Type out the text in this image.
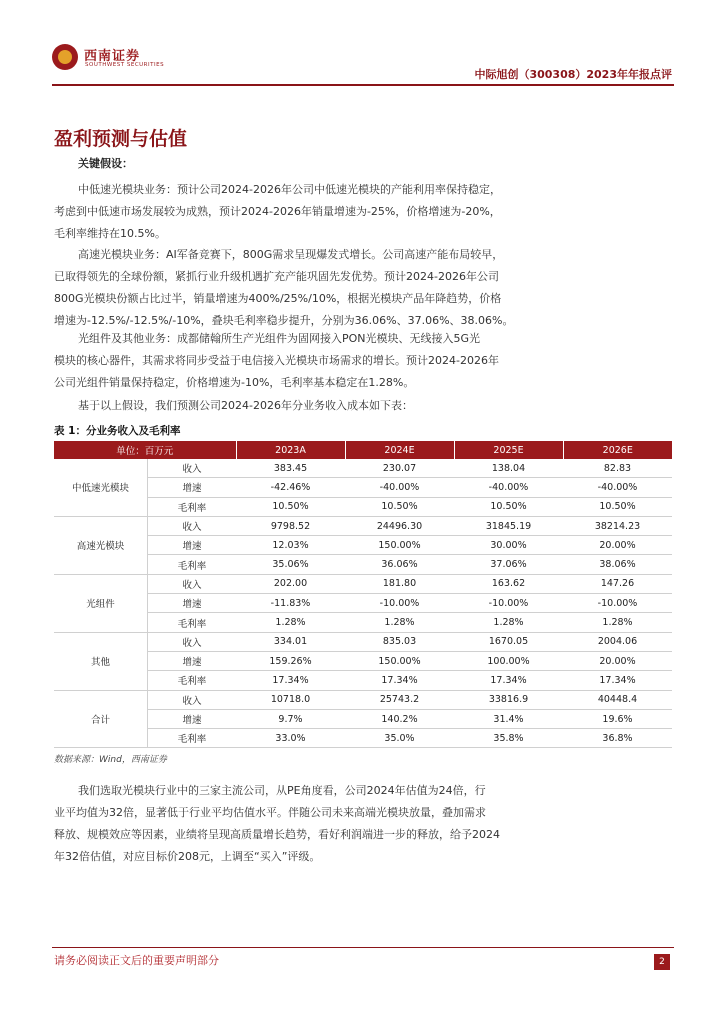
西南证券
SOUTHWEST SECURITIES
中际旭创（300308）2023年年报点评
盈利预测与估值
关键假设：
中低速光模块业务：预计公司2024-2026年公司中低速光模块的产能利用率保持稳定，
考虑到中低速市场发展较为成熟，预计2024-2026年销量增速为-25%，价格增速为-20%，
毛利率维持在10.5%。
高速光模块业务：AI军备竞赛下，800G需求呈现爆发式增长。公司高速产能布局较早，
已取得领先的全球份额，紧抓行业升级机遇扩充产能巩固先发优势。预计2024-2026年公司
800G光模块份额占比过半，销量增速为400%/25%/10%，根据光模块产品年降趋势，价格
增速为-12.5%/-12.5%/-10%，叠块毛利率稳步提升，分别为36.06%、37.06%、38.06%。
光组件及其他业务：成都储翰所生产光组件为固网接入PON光模块、无线接入5G光
模块的核心器件，其需求将同步受益于电信接入光模块市场需求的增长。预计2024-2026年
公司光组件销量保持稳定，价格增速为-10%，毛利率基本稳定在1.28%。
基于以上假设，我们预测公司2024-2026年分业务收入成本如下表：
表 1：分业务收入及毛利率
单位：百万元		2023A	2024E	2025E	2026E
中低速光模块	收入	383.45	230.07	138.04	82.83
	增速	-42.46%	-40.00%	-40.00%	-40.00%
	毛利率	10.50%	10.50%	10.50%	10.50%
高速光模块	收入	9798.52	24496.30	31845.19	38214.23
	增速	12.03%	150.00%	30.00%	20.00%
	毛利率	35.06%	36.06%	37.06%	38.06%
光组件	收入	202.00	181.80	163.62	147.26
	增速	-11.83%	-10.00%	-10.00%	-10.00%
	毛利率	1.28%	1.28%	1.28%	1.28%
其他	收入	334.01	835.03	1670.05	2004.06
	增速	159.26%	150.00%	100.00%	20.00%
	毛利率	17.34%	17.34%	17.34%	17.34%
合计	收入	10718.0	25743.2	33816.9	40448.4
	增速	9.7%	140.2%	31.4%	19.6%
	毛利率	33.0%	35.0%	35.8%	36.8%
数据来源：Wind，西南证券
我们选取光模块行业中的三家主流公司，从PE角度看，公司2024年估值为24倍，行
业平均值为32倍，显著低于行业平均估值水平。伴随公司未来高端光模块放量，叠加需求
释放、规模效应等因素，业绩将呈现高质量增长趋势，看好利润端进一步的释放，给予2024
年32倍估值，对应目标价208元，上调至“买入”评级。
请务必阅读正文后的重要声明部分	2
